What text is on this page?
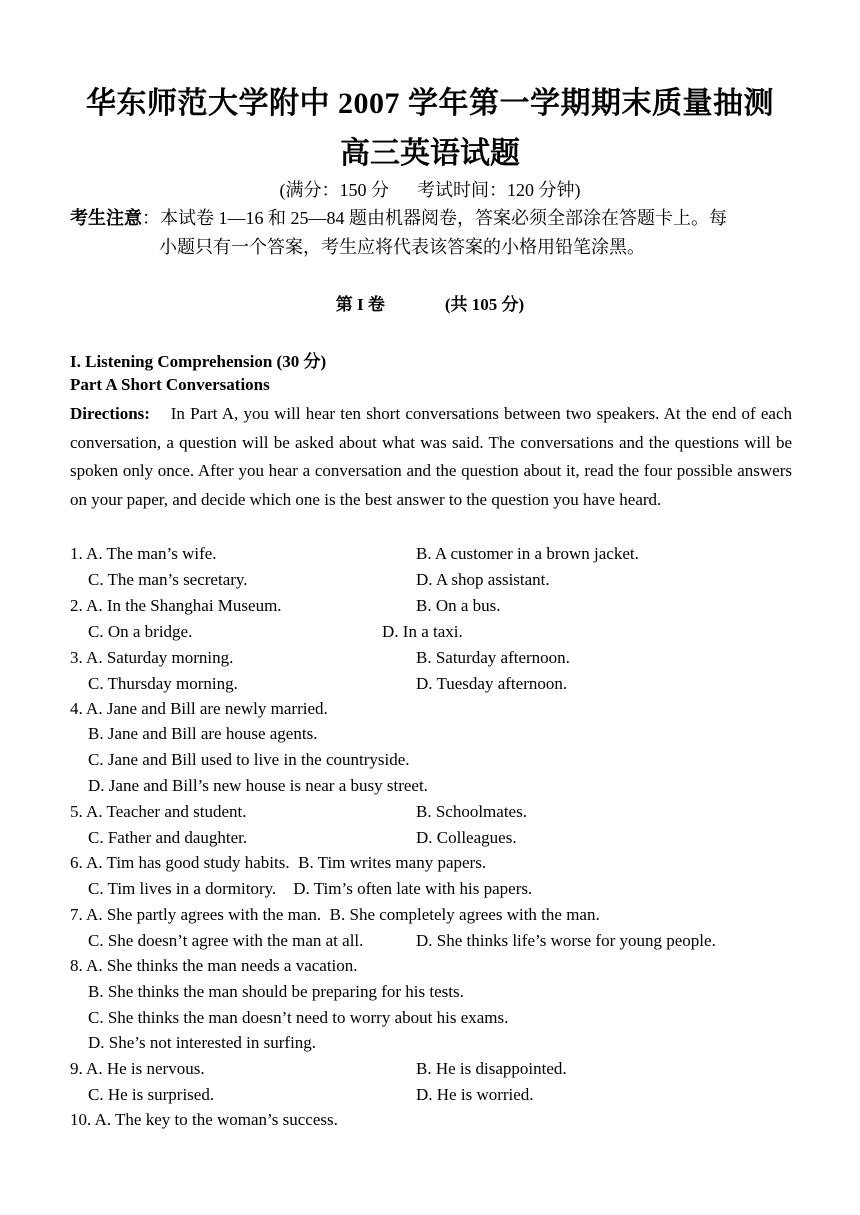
华东师范大学附中 2007 学年第一学期期末质量抽测
高三英语试题
(满分：150 分 考试时间：120 分钟)
考生注意：本试卷 1—16 和 25—84 题由机器阅卷，答案必须全部涂在答题卡上。每
小题只有一个答案，考生应将代表该答案的小格用铅笔涂黑。
第 I 卷	(共 105 分)
I. Listening Comprehension (30 分)
Part A Short Conversations
Directions: In Part A, you will hear ten short conversations between two speakers. At the end of each conversation, a question will be asked about what was said. The conversations and the questions will be spoken only once. After you hear a conversation and the question about it, read the four possible answers on your paper, and decide which one is the best answer to the question you have heard.
1. A. The man’s wife.	B. A customer in a brown jacket.
C. The man’s secretary.	D. A shop assistant.
2. A. In the Shanghai Museum.	B. On a bus.
C. On a bridge.	D. In a taxi.
3. A. Saturday morning.	B. Saturday afternoon.
C. Thursday morning.	D. Tuesday afternoon.
4. A. Jane and Bill are newly married.
B. Jane and Bill are house agents.
C. Jane and Bill used to live in the countryside.
D. Jane and Bill’s new house is near a busy street.
5. A. Teacher and student.	B. Schoolmates.
C. Father and daughter.	D. Colleagues.
6. A. Tim has good study habits.  B. Tim writes many papers.
C. Tim lives in a dormitory.    D. Tim’s often late with his papers.
7. A. She partly agrees with the man.  B. She completely agrees with the man.
C. She doesn’t agree with the man at all.	D. She thinks life’s worse for young people.
8. A. She thinks the man needs a vacation.
B. She thinks the man should be preparing for his tests.
C. She thinks the man doesn’t need to worry about his exams.
D. She’s not interested in surfing.
9. A. He is nervous.	B. He is disappointed.
C. He is surprised.	D. He is worried.
10. A. The key to the woman’s success.
